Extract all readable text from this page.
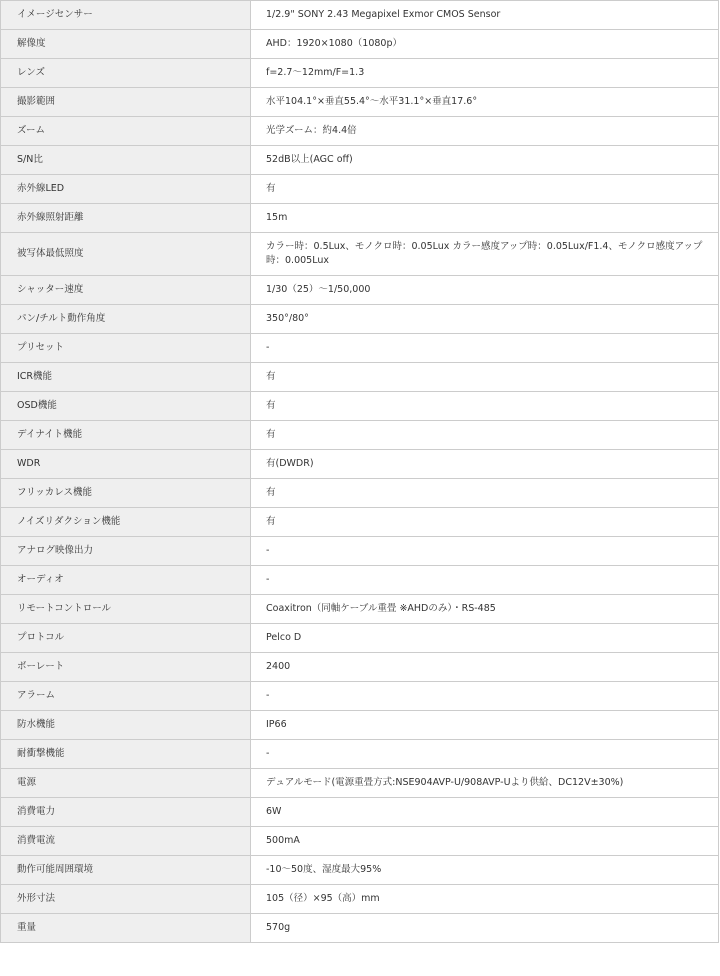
イメージセンサー	1/2.9" SONY 2.43 Megapixel Exmor CMOS Sensor
解像度	AHD：1920×1080（1080p）
レンズ	f=2.7～12mm/F=1.3
撮影範囲	水平104.1°×垂直55.4°～水平31.1°×垂直17.6°
ズーム	光学ズーム：約4.4倍
S/N比	52dB以上(AGC off)
赤外線LED	有
赤外線照射距離	15m
被写体最低照度	カラー時：0.5Lux、モノクロ時：0.05Lux カラー感度アップ時：0.05Lux/F1.4、モノクロ感度アップ時：0.005Lux
シャッター速度	1/30（25）～1/50,000
パン/チルト動作角度	350°/80°
プリセット	-
ICR機能	有
OSD機能	有
デイナイト機能	有
WDR	有(DWDR)
フリッカレス機能	有
ノイズリダクション機能	有
アナログ映像出力	-
オーディオ	-
リモートコントロール	Coaxitron（同軸ケーブル重畳 ※AHDのみ）・RS-485
プロトコル	Pelco D
ボーレート	2400
アラーム	-
防水機能	IP66
耐衝撃機能	-
電源	デュアルモード(電源重畳方式:NSE904AVP-U/908AVP-Uより供給、DC12V±30%)
消費電力	6W
消費電流	500mA
動作可能周囲環境	-10～50度、湿度最大95%
外形寸法	105（径）×95（高）mm
重量	570g
